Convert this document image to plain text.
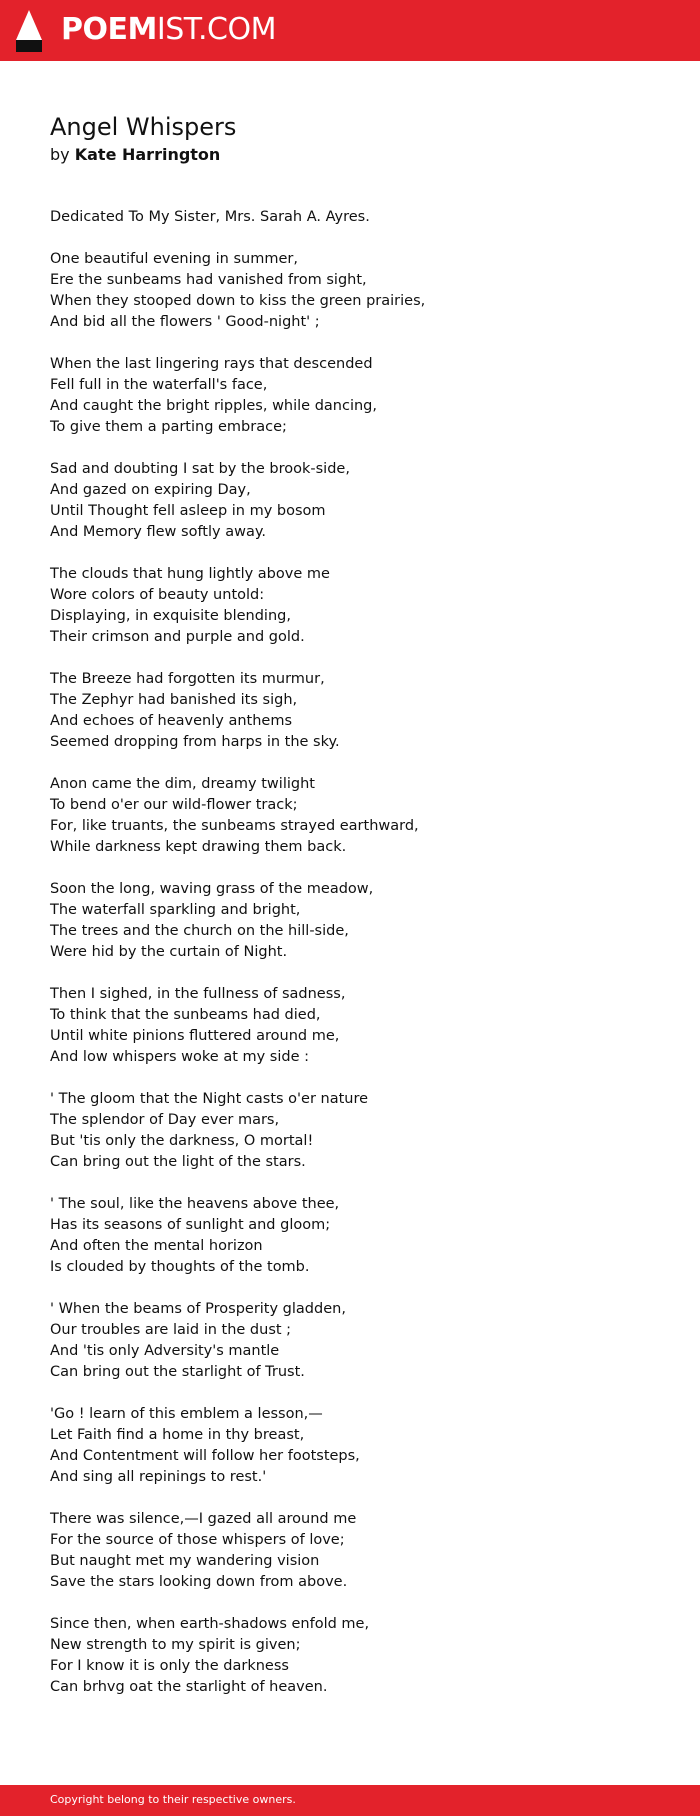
POEMIST.COM
Angel Whispers
by Kate Harrington
Dedicated To My Sister, Mrs. Sarah A. Ayres.

One beautiful evening in summer,
Ere the sunbeams had vanished from sight,
When they stooped down to kiss the green prairies,
And bid all the flowers ' Good-night' ;

When the last lingering rays that descended
Fell full in the waterfall's face,
And caught the bright ripples, while dancing,
To give them a parting embrace;

Sad and doubting I sat by the brook-side,
And gazed on expiring Day,
Until Thought fell asleep in my bosom
And Memory flew softly away.

The clouds that hung lightly above me
Wore colors of beauty untold:
Displaying, in exquisite blending,
Their crimson and purple and gold.

The Breeze had forgotten its murmur,
The Zephyr had banished its sigh,
And echoes of heavenly anthems
Seemed dropping from harps in the sky.

Anon came the dim, dreamy twilight
To bend o'er our wild-flower track;
For, like truants, the sunbeams strayed earthward,
While darkness kept drawing them back.

Soon the long, waving grass of the meadow,
The waterfall sparkling and bright,
The trees and the church on the hill-side,
Were hid by the curtain of Night.

Then I sighed, in the fullness of sadness,
To think that the sunbeams had died,
Until white pinions fluttered around me,
And low whispers woke at my side :

' The gloom that the Night casts o'er nature
The splendor of Day ever mars,
But 'tis only the darkness, O mortal!
Can bring out the light of the stars.

' The soul, like the heavens above thee,
Has its seasons of sunlight and gloom;
And often the mental horizon
Is clouded by thoughts of the tomb.

' When the beams of Prosperity gladden,
Our troubles are laid in the dust ;
And 'tis only Adversity's mantle
Can bring out the starlight of Trust.

'Go ! learn of this emblem a lesson,—
Let Faith find a home in thy breast,
And Contentment will follow her footsteps,
And sing all repinings to rest.'

There was silence,—I gazed all around me
For the source of those whispers of love;
But naught met my wandering vision
Save the stars looking down from above.

Since then, when earth-shadows enfold me,
New strength to my spirit is given;
For I know it is only the darkness
Can brhvg oat the starlight of heaven.
Copyright belong to their respective owners.
